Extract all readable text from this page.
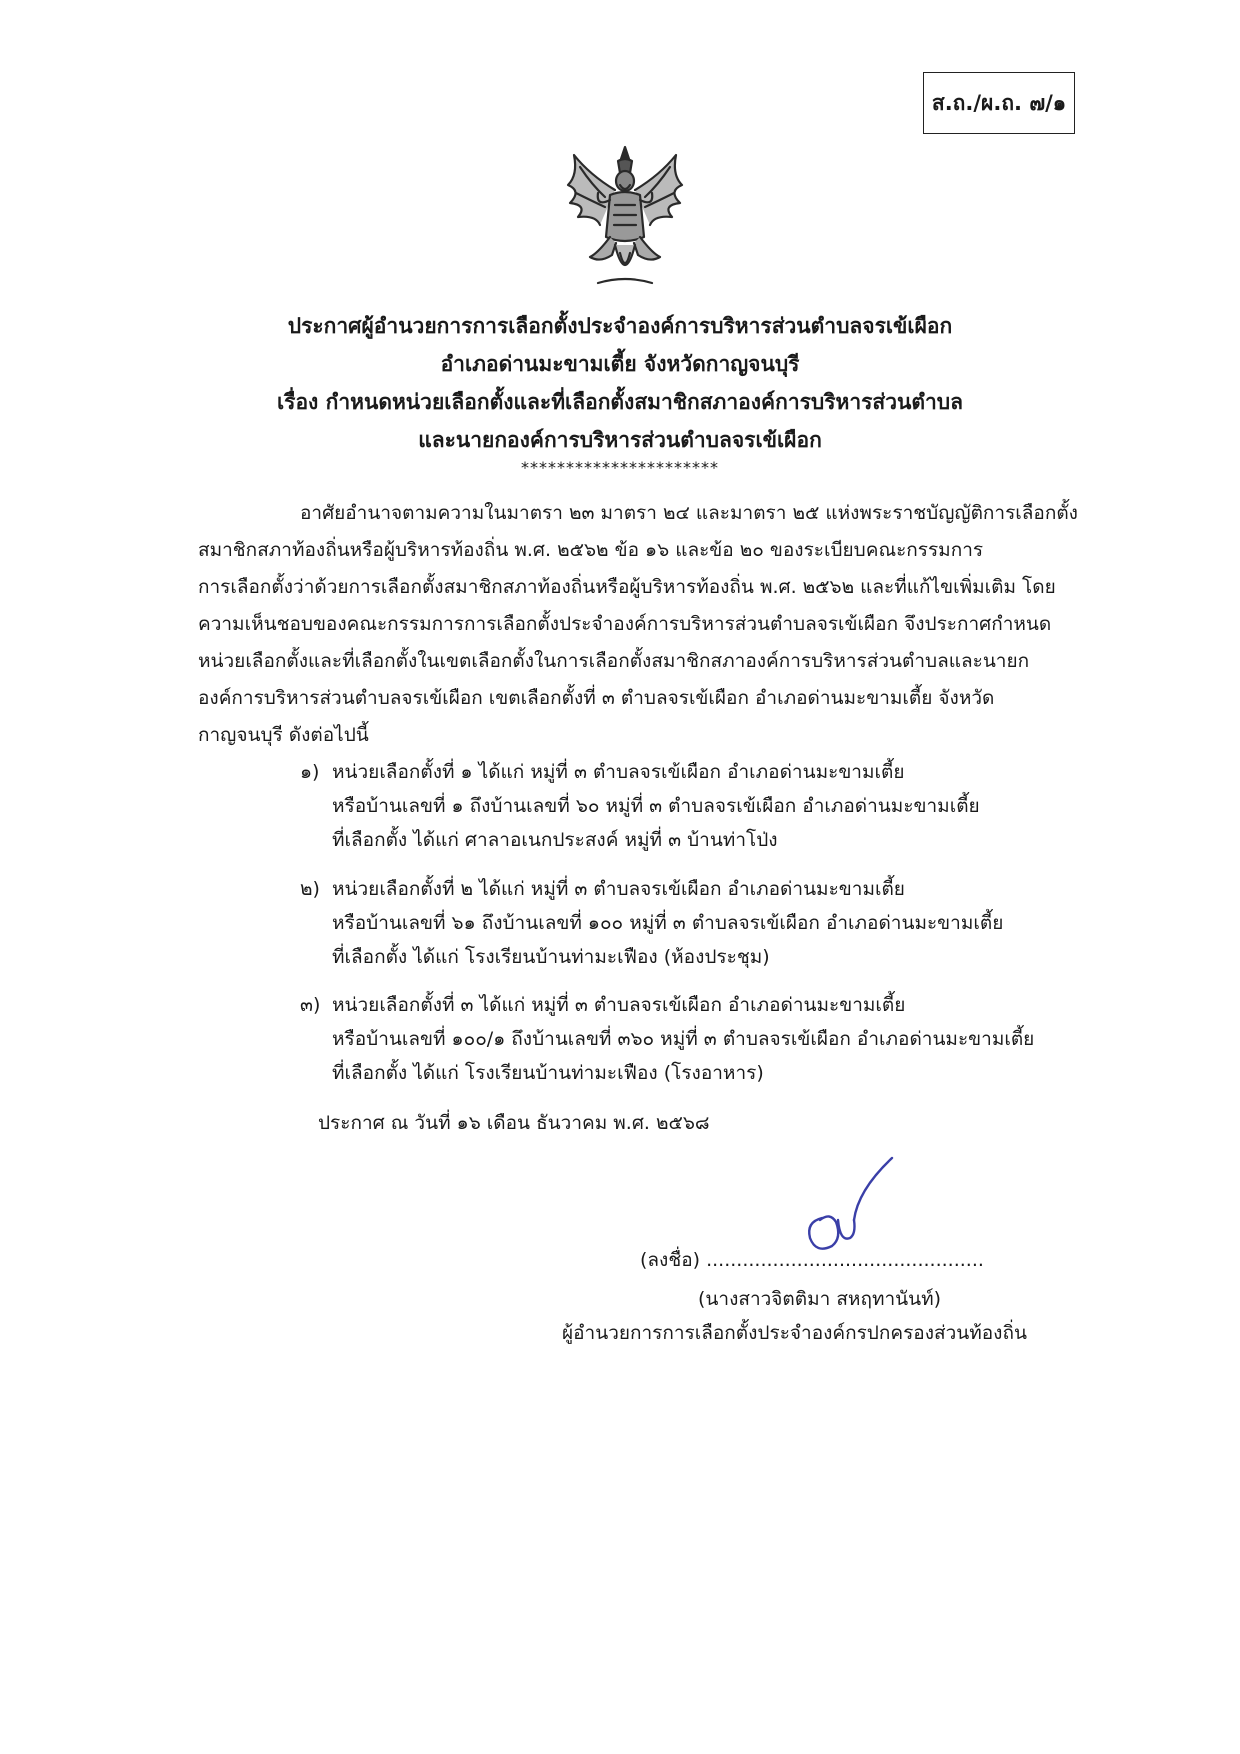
ส.ถ./ผ.ถ. ๗/๑
ประกาศผู้อำนวยการการเลือกตั้งประจำองค์การบริหารส่วนตำบลจรเข้เผือก
อำเภอด่านมะขามเตี้ย จังหวัดกาญจนบุรี
เรื่อง กำหนดหน่วยเลือกตั้งและที่เลือกตั้งสมาชิกสภาองค์การบริหารส่วนตำบล
และนายกองค์การบริหารส่วนตำบลจรเข้เผือก
**********************
อาศัยอำนาจตามความในมาตรา ๒๓ มาตรา ๒๔ และมาตรา ๒๕ แห่งพระราชบัญญัติการเลือกตั้ง
สมาชิกสภาท้องถิ่นหรือผู้บริหารท้องถิ่น พ.ศ. ๒๕๖๒ ข้อ ๑๖ และข้อ ๒๐ ของระเบียบคณะกรรมการ
การเลือกตั้งว่าด้วยการเลือกตั้งสมาชิกสภาท้องถิ่นหรือผู้บริหารท้องถิ่น พ.ศ. ๒๕๖๒ และที่แก้ไขเพิ่มเติม โดย
ความเห็นชอบของคณะกรรมการการเลือกตั้งประจำองค์การบริหารส่วนตำบลจรเข้เผือก จึงประกาศกำหนด
หน่วยเลือกตั้งและที่เลือกตั้งในเขตเลือกตั้งในการเลือกตั้งสมาชิกสภาองค์การบริหารส่วนตำบลและนายก
องค์การบริหารส่วนตำบลจรเข้เผือก เขตเลือกตั้งที่ ๓ ตำบลจรเข้เผือก อำเภอด่านมะขามเตี้ย จังหวัด
กาญจนบุรี ดังต่อไปนี้
๑) หน่วยเลือกตั้งที่ ๑ ได้แก่ หมู่ที่ ๓ ตำบลจรเข้เผือก อำเภอด่านมะขามเตี้ย
หรือบ้านเลขที่ ๑ ถึงบ้านเลขที่ ๖๐ หมู่ที่ ๓ ตำบลจรเข้เผือก อำเภอด่านมะขามเตี้ย
ที่เลือกตั้ง ได้แก่ ศาลาอเนกประสงค์ หมู่ที่ ๓ บ้านท่าโป่ง
๒) หน่วยเลือกตั้งที่ ๒ ได้แก่ หมู่ที่ ๓ ตำบลจรเข้เผือก อำเภอด่านมะขามเตี้ย
หรือบ้านเลขที่ ๖๑ ถึงบ้านเลขที่ ๑๐๐ หมู่ที่ ๓ ตำบลจรเข้เผือก อำเภอด่านมะขามเตี้ย
ที่เลือกตั้ง ได้แก่ โรงเรียนบ้านท่ามะเฟือง (ห้องประชุม)
๓) หน่วยเลือกตั้งที่ ๓ ได้แก่ หมู่ที่ ๓ ตำบลจรเข้เผือก อำเภอด่านมะขามเตี้ย
หรือบ้านเลขที่ ๑๐๐/๑ ถึงบ้านเลขที่ ๓๖๐ หมู่ที่ ๓ ตำบลจรเข้เผือก อำเภอด่านมะขามเตี้ย
ที่เลือกตั้ง ได้แก่ โรงเรียนบ้านท่ามะเฟือง (โรงอาหาร)
ประกาศ ณ วันที่ ๑๖ เดือน ธันวาคม พ.ศ. ๒๕๖๘
(ลงชื่อ) ..............................................
(นางสาวจิตติมา สหฤทานันท์)
ผู้อำนวยการการเลือกตั้งประจำองค์กรปกครองส่วนท้องถิ่น
